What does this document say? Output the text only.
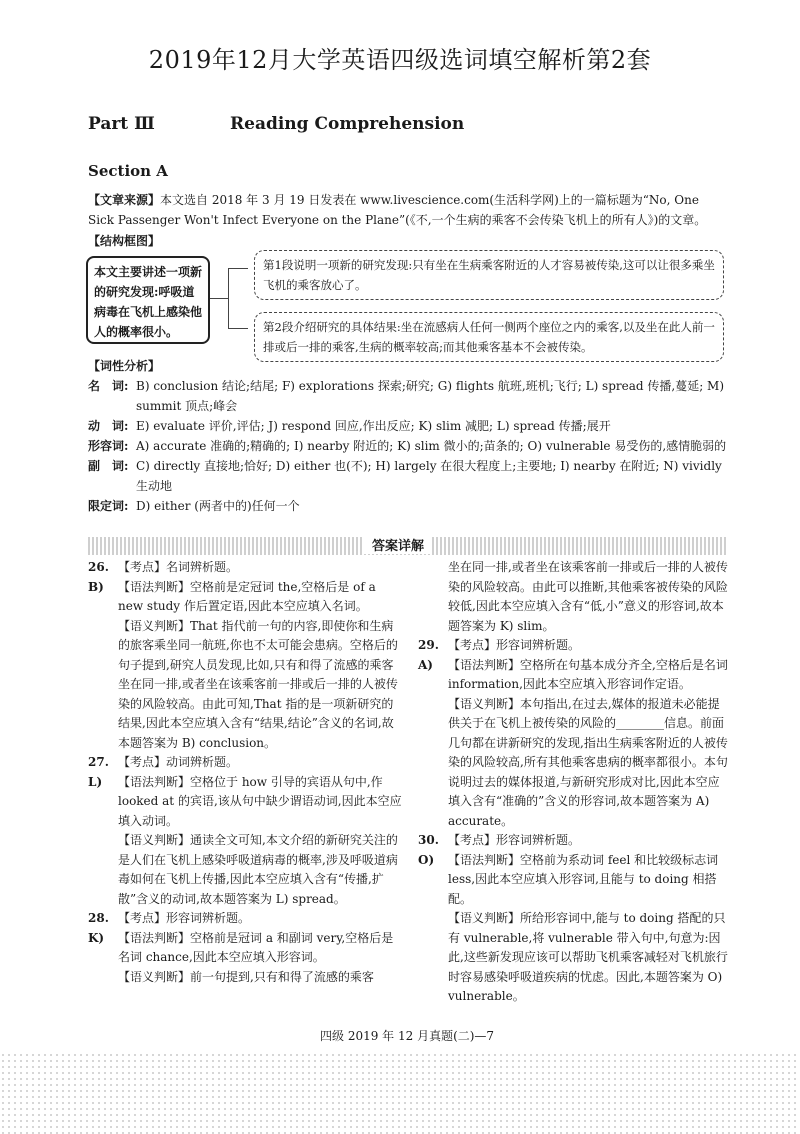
2019年12月大学英语四级选词填空解析第2套
Part Ⅲ	Reading Comprehension
Section A
【文章来源】本文选自 2018 年 3 月 19 日发表在 www.livescience.com(生活科学网)上的一篇标题为“No, One Sick Passenger Won't Infect Everyone on the Plane”(《不,一个生病的乘客不会传染飞机上的所有人》)的文章。
【结构框图】
本文主要讲述一项新的研究发现:呼吸道病毒在飞机上感染他人的概率很小。
第1段说明一项新的研究发现:只有坐在生病乘客附近的人才容易被传染,这可以让很多乘坐飞机的乘客放心了。
第2段介绍研究的具体结果:坐在流感病人任何一侧两个座位之内的乘客,以及坐在此人前一排或后一排的乘客,生病的概率较高;而其他乘客基本不会被传染。
【词性分析】
名　词: B) conclusion 结论;结尾; F) explorations 探索;研究; G) flights 航班,班机;飞行; L) spread 传播,蔓延; M) summit 顶点;峰会
动　词: E) evaluate 评价,评估; J) respond 回应,作出反应; K) slim 减肥; L) spread 传播;展开
形容词: A) accurate 准确的;精确的; I) nearby 附近的; K) slim 微小的;苗条的; O) vulnerable 易受伤的,感情脆弱的
副　词: C) directly 直接地;恰好; D) either 也(不); H) largely 在很大程度上;主要地; I) nearby 在附近; N) vividly 生动地
限定词: D) either (两者中的)任何一个
答案详解
26. 【考点】名词辨析题。
B)	【语法判断】空格前是定冠词 the,空格后是 of a new study 作后置定语,因此本空应填入名词。
【语义判断】That 指代前一句的内容,即使你和生病的旅客乘坐同一航班,你也不太可能会患病。空格后的句子提到,研究人员发现,比如,只有和得了流感的乘客坐在同一排,或者坐在该乘客前一排或后一排的人被传染的风险较高。由此可知,That 指的是一项新研究的结果,因此本空应填入含有“结果,结论”含义的名词,故本题答案为 B) conclusion。
27. 【考点】动词辨析题。
L)	【语法判断】空格位于 how 引导的宾语从句中,作 looked at 的宾语,该从句中缺少谓语动词,因此本空应填入动词。
【语义判断】通读全文可知,本文介绍的新研究关注的是人们在飞机上感染呼吸道病毒的概率,涉及呼吸道病毒如何在飞机上传播,因此本空应填入含有“传播,扩散”含义的动词,故本题答案为 L) spread。
28. 【考点】形容词辨析题。
K)	【语法判断】空格前是冠词 a 和副词 very,空格后是名词 chance,因此本空应填入形容词。
【语义判断】前一句提到,只有和得了流感的乘客
坐在同一排,或者坐在该乘客前一排或后一排的人被传染的风险较高。由此可以推断,其他乘客被传染的风险较低,因此本空应填入含有“低,小”意义的形容词,故本题答案为 K) slim。
29. 【考点】形容词辨析题。
A)	【语法判断】空格所在句基本成分齐全,空格后是名词 information,因此本空应填入形容词作定语。
【语义判断】本句指出,在过去,媒体的报道未必能提供关于在飞机上被传染的风险的________信息。前面几句都在讲新研究的发现,指出生病乘客附近的人被传染的风险较高,所有其他乘客患病的概率都很小。本句说明过去的媒体报道,与新研究形成对比,因此本空应填入含有“准确的”含义的形容词,故本题答案为 A) accurate。
30. 【考点】形容词辨析题。
O)	【语法判断】空格前为系动词 feel 和比较级标志词 less,因此本空应填入形容词,且能与 to doing 相搭配。
【语义判断】所给形容词中,能与 to doing 搭配的只有 vulnerable,将 vulnerable 带入句中,句意为:因此,这些新发现应该可以帮助飞机乘客减轻对飞机旅行时容易感染呼吸道疾病的忧虑。因此,本题答案为 O) vulnerable。
四级 2019 年 12 月真题(二)—7
